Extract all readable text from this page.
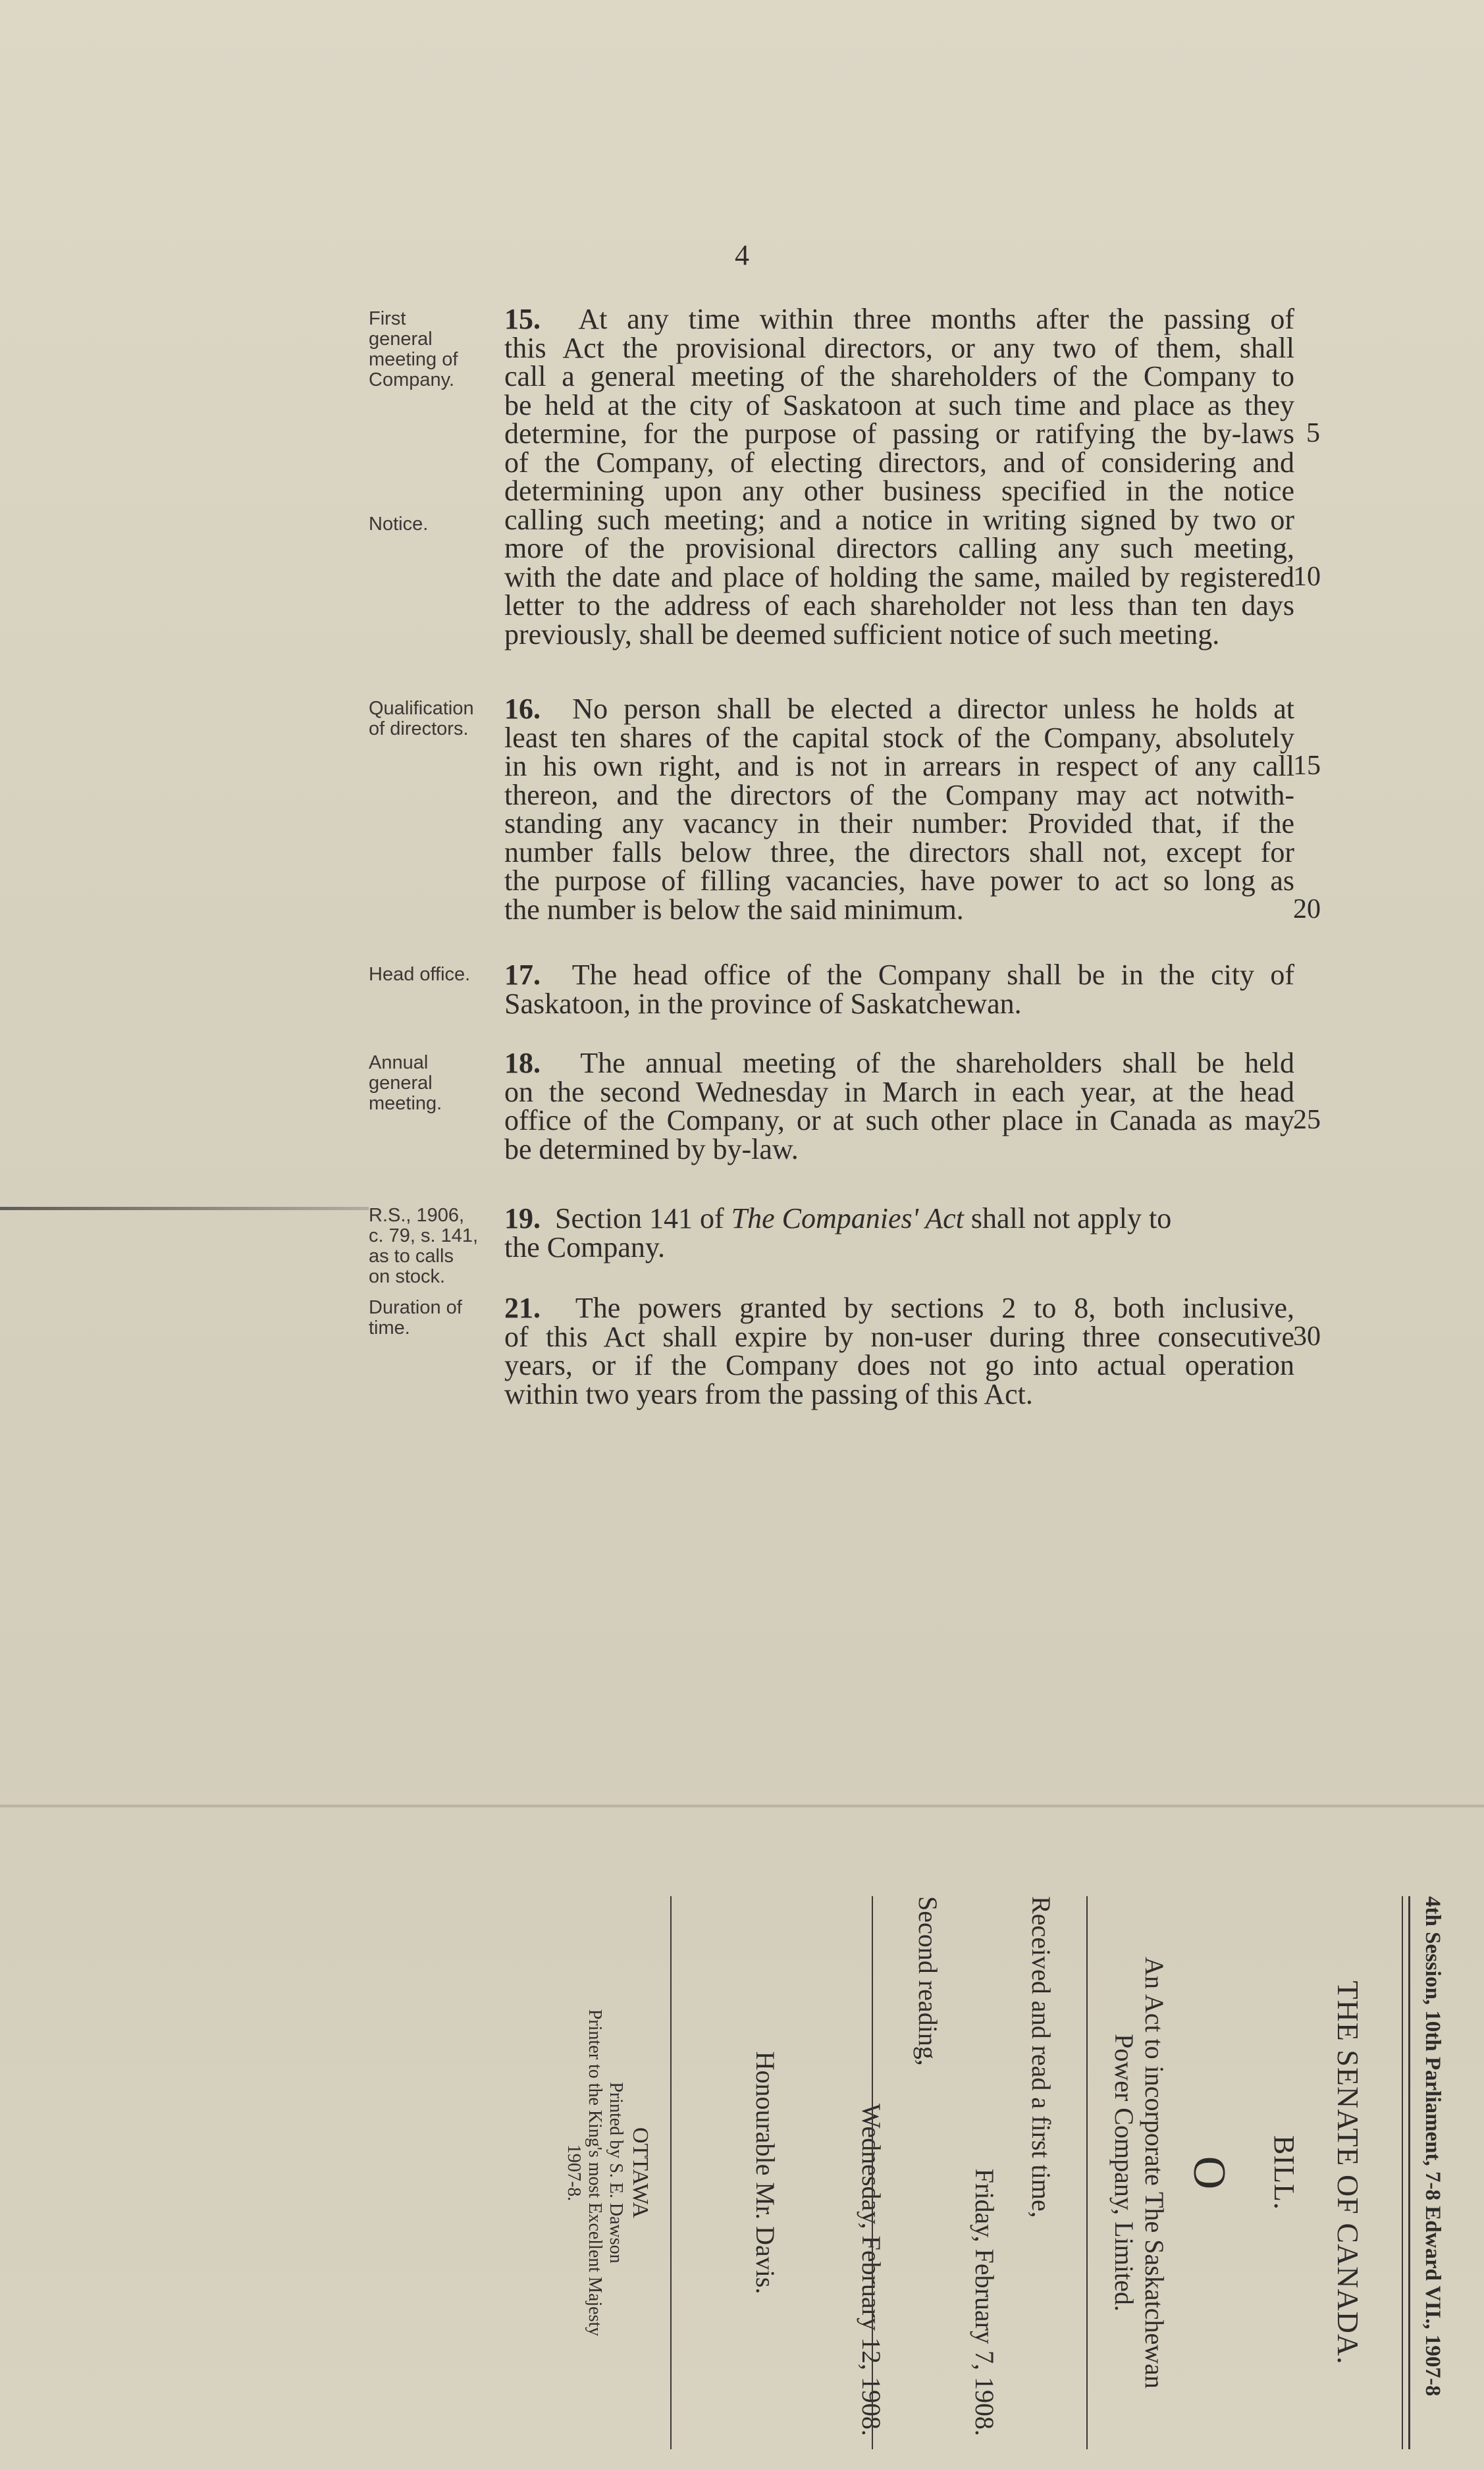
4
First
general
meeting of
Company.
Notice.
15. At any time within three months after the passing of
this Act the provisional directors, or any two of them, shall
call a general meeting of the shareholders of the Company to
be held at the city of Saskatoon at such time and place as they
determine, for the purpose of passing or ratifying the by-laws
of the Company, of electing directors, and of considering and
determining upon any other business specified in the notice
calling such meeting; and a notice in writing signed by two or
more of the provisional directors calling any such meeting,
with the date and place of holding the same, mailed by registered
letter to the address of each shareholder not less than ten days
previously, shall be deemed sufficient notice of such meeting.
5
10
Qualification
of directors.
16. No person shall be elected a director unless he holds at
least ten shares of the capital stock of the Company, absolutely
in his own right, and is not in arrears in respect of any call
thereon, and the directors of the Company may act notwith-
standing any vacancy in their number: Provided that, if the
number falls below three, the directors shall not, except for
the purpose of filling vacancies, have power to act so long as
the number is below the said minimum.
15
20
Head office.	17. The head office of the Company shall be in the city of
Saskatoon, in the province of Saskatchewan.
Annual
general
meeting.
18. The annual meeting of the shareholders shall be held
on the second Wednesday in March in each year, at the head
office of the Company, or at such other place in Canada as may
be determined by by-law.
25
R.S., 1906,
c. 79, s. 141,
as to calls
on stock.
19. Section 141 of The Companies' Act shall not apply to
the Company.
Duration of
time.
21. The powers granted by sections 2 to 8, both inclusive,
of this Act shall expire by non-user during three consecutive
years, or if the Company does not go into actual operation
within two years from the passing of this Act.
30
4th Session, 10th Parliament, 7-8 Edward VII., 1907-8
THE SENATE OF CANADA.
BILL.
O
An Act to incorporate The Saskatchewan
Power Company, Limited.
Received and read a first time,
Friday, February 7, 1908.
Second reading,
Wednesday, February 12, 1908.
Honourable Mr. Davis.
OTTAWA
Printed by S. E. Dawson
Printer to the King's most Excellent Majesty
1907-8.
